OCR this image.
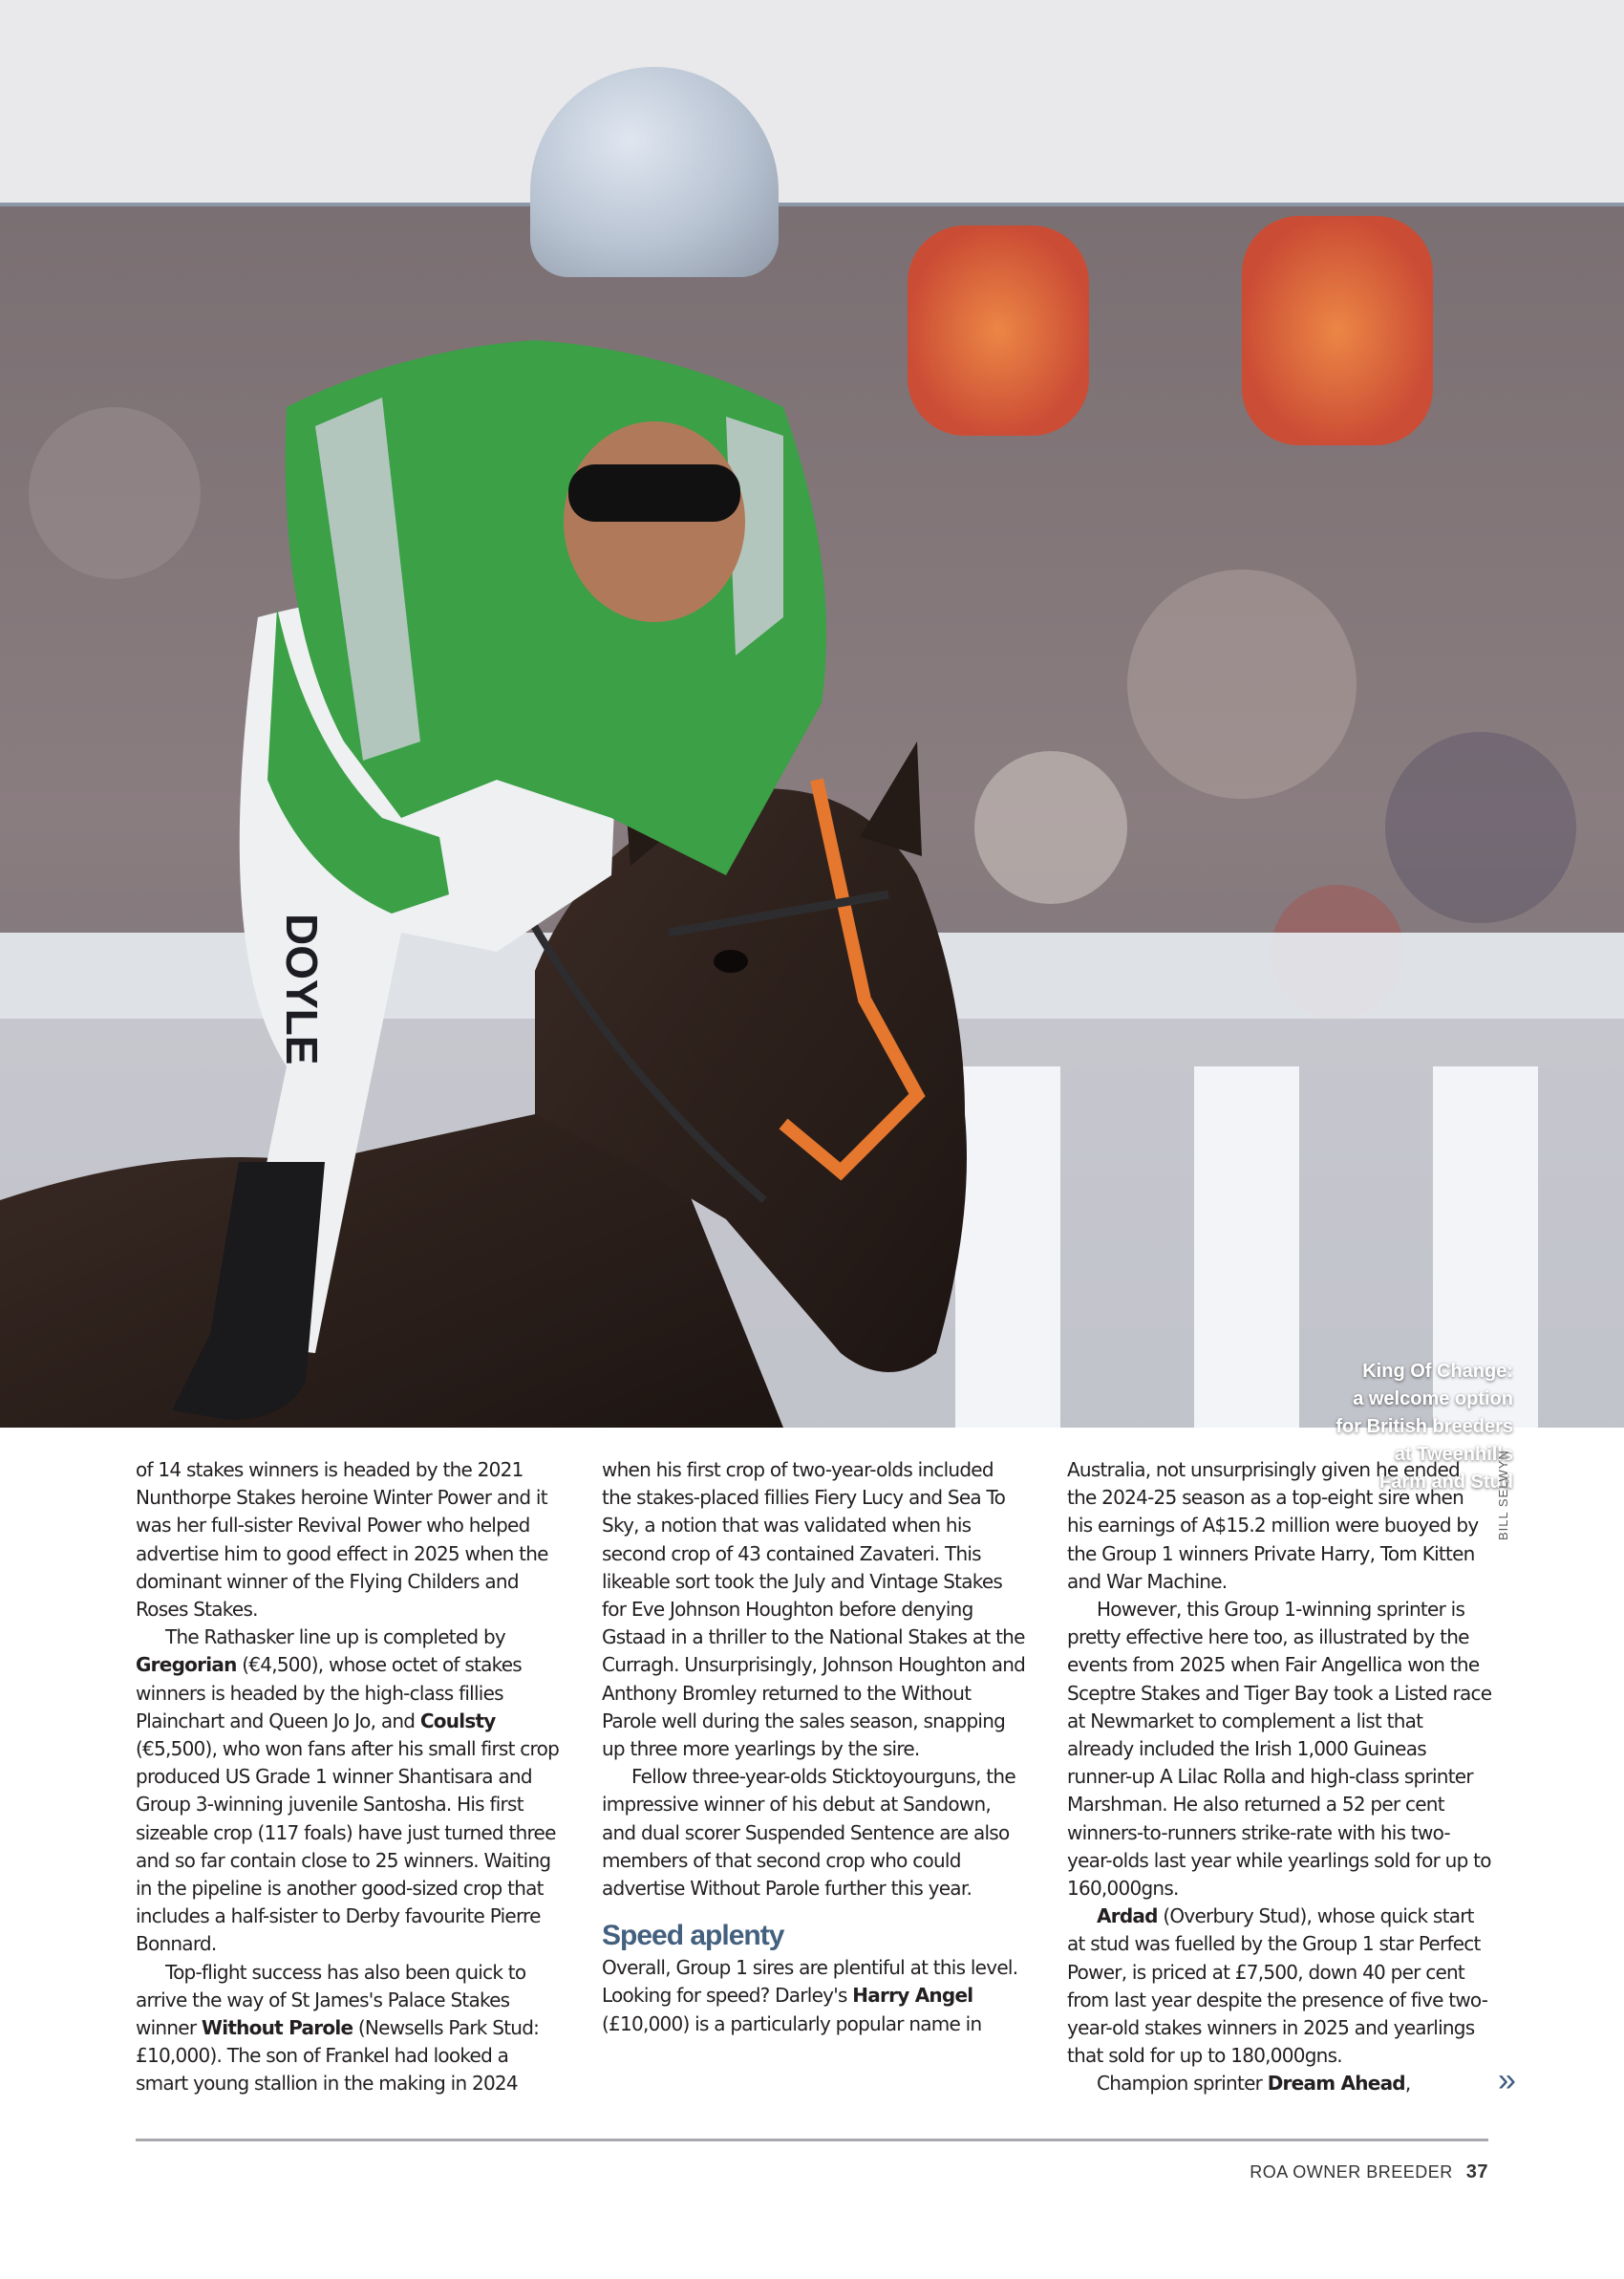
DOYLE
King Of Change:
a welcome option
for British breeders
at Tweenhills
Farm and Stud
BILL SELWYN

of 14 stakes winners is headed by the 2021 Nunthorpe Stakes heroine Winter Power and it was her full-sister Revival Power who helped advertise him to good effect in 2025 when the dominant winner of the Flying Childers and Roses Stakes.

The Rathasker line up is completed by Gregorian (€4,500), whose octet of stakes winners is headed by the high-class fillies Plainchart and Queen Jo Jo, and Coulsty (€5,500), who won fans after his small first crop produced US Grade 1 winner Shantisara and Group 3-winning juvenile Santosha. His first sizeable crop (117 foals) have just turned three and so far contain close to 25 winners. Waiting in the pipeline is another good-sized crop that includes a half-sister to Derby favourite Pierre Bonnard.

Top-flight success has also been quick to arrive the way of St James's Palace Stakes winner Without Parole (Newsells Park Stud: £10,000). The son of Frankel had looked a smart young stallion in the making in 2024

when his first crop of two-year-olds included the stakes-placed fillies Fiery Lucy and Sea To Sky, a notion that was validated when his second crop of 43 contained Zavateri. This likeable sort took the July and Vintage Stakes for Eve Johnson Houghton before denying Gstaad in a thriller to the National Stakes at the Curragh. Unsurprisingly, Johnson Houghton and Anthony Bromley returned to the Without Parole well during the sales season, snapping up three more yearlings by the sire.

Fellow three-year-olds Sticktoyourguns, the impressive winner of his debut at Sandown, and dual scorer Suspended Sentence are also members of that second crop who could advertise Without Parole further this year.

Speed aplenty

Overall, Group 1 sires are plentiful at this level. Looking for speed? Darley's Harry Angel (£10,000) is a particularly popular name in

Australia, not unsurprisingly given he ended the 2024-25 season as a top-eight sire when his earnings of A$15.2 million were buoyed by the Group 1 winners Private Harry, Tom Kitten and War Machine.

However, this Group 1-winning sprinter is pretty effective here too, as illustrated by the events from 2025 when Fair Angellica won the Sceptre Stakes and Tiger Bay took a Listed race at Newmarket to complement a list that already included the Irish 1,000 Guineas runner-up A Lilac Rolla and high-class sprinter Marshman. He also returned a 52 per cent winners-to-runners strike-rate with his two-year-olds last year while yearlings sold for up to 160,000gns.

Ardad (Overbury Stud), whose quick start at stud was fuelled by the Group 1 star Perfect Power, is priced at £7,500, down 40 per cent from last year despite the presence of five two-year-old stakes winners in 2025 and yearlings that sold for up to 180,000gns.

Champion sprinter Dream Ahead,	»
ROA OWNER BREEDER 37
